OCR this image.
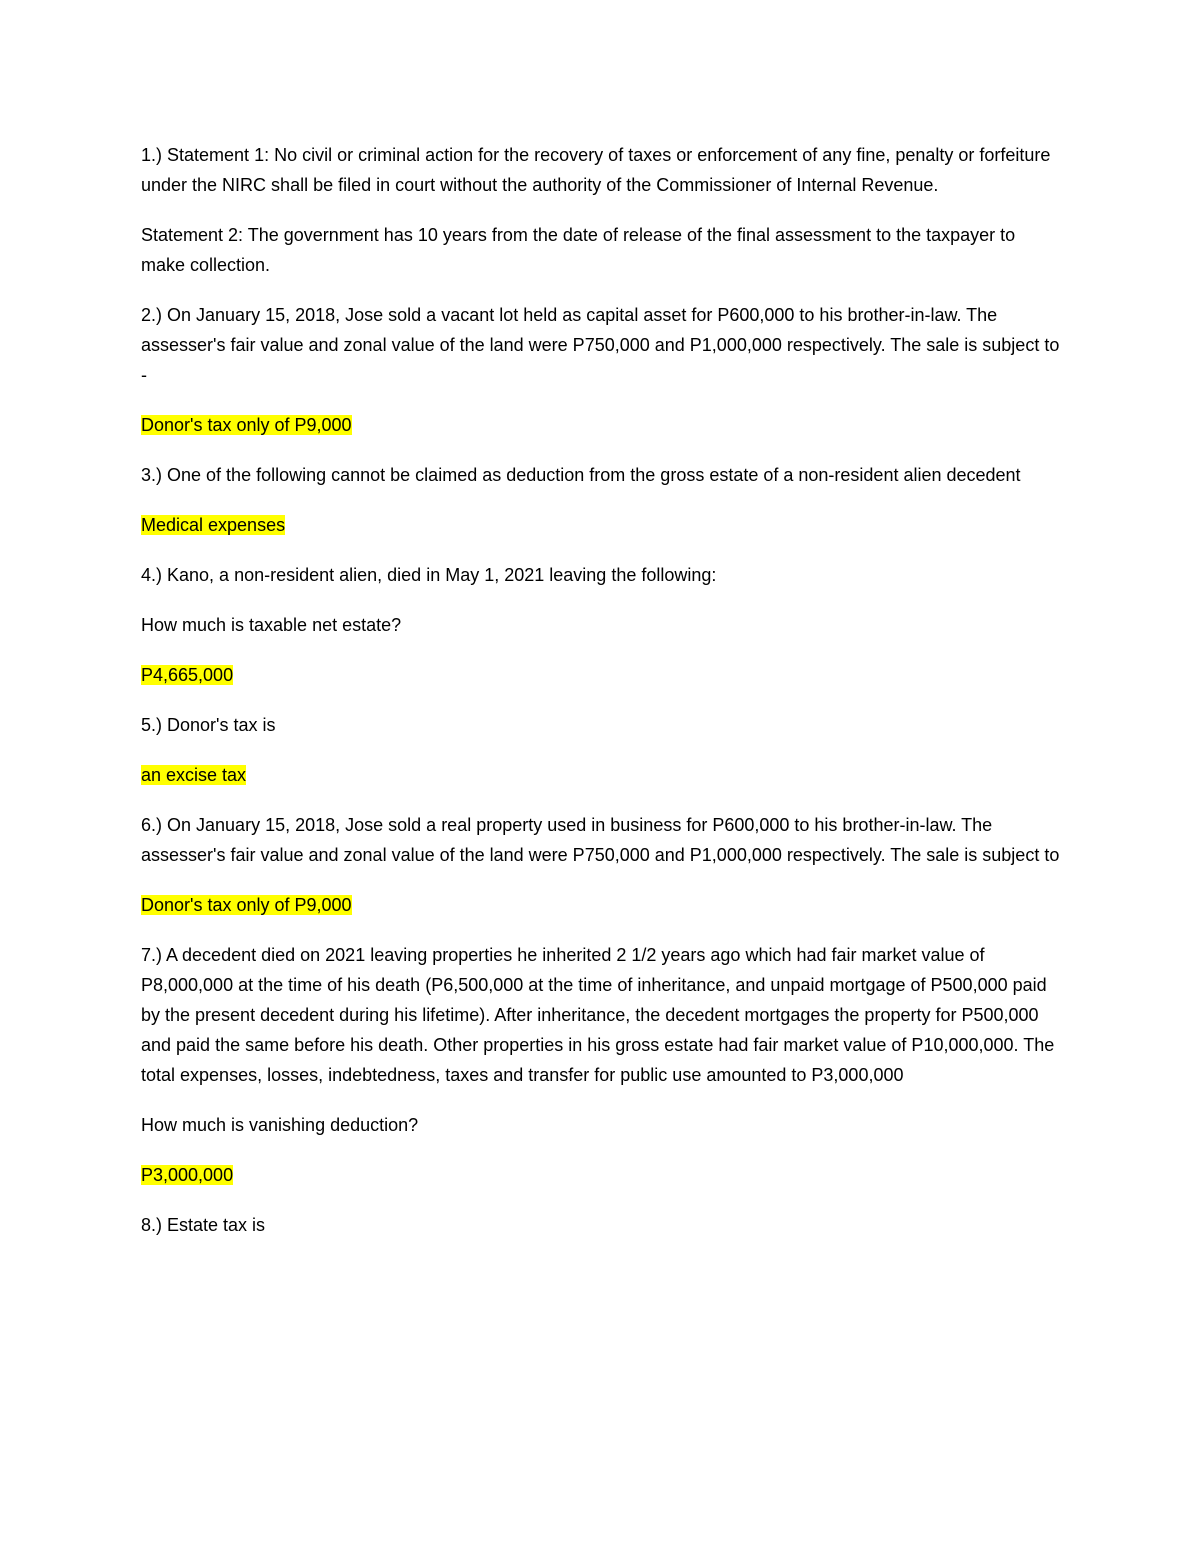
1.) Statement 1: No civil or criminal action for the recovery of taxes or enforcement of any fine, penalty or forfeiture under the NIRC shall be filed in court without the authority of the Commissioner of Internal Revenue.

Statement 2: The government has 10 years from the date of release of the final assessment to the taxpayer to make collection.

2.) On January 15, 2018, Jose sold a vacant lot held as capital asset for P600,000 to his brother-in-law. The assesser's fair value and zonal value of the land were P750,000 and P1,000,000 respectively. The sale is subject to -

Donor's tax only of P9,000

3.) One of the following cannot be claimed as deduction from the gross estate of a non-resident alien decedent

Medical expenses

4.) Kano, a non-resident alien, died in May 1, 2021 leaving the following:

How much is taxable net estate?

P4,665,000

5.) Donor's tax is

an excise tax

6.) On January 15, 2018, Jose sold a real property used in business for P600,000 to his brother-in-law. The assesser's fair value and zonal value of the land were P750,000 and P1,000,000 respectively. The sale is subject to

Donor's tax only of P9,000

7.) A decedent died on 2021 leaving properties he inherited 2 1/2 years ago which had fair market value of P8,000,000 at the time of his death (P6,500,000 at the time of inheritance, and unpaid mortgage of P500,000 paid by the present decedent during his lifetime). After inheritance, the decedent mortgages the property for P500,000 and paid the same before his death. Other properties in his gross estate had fair market value of P10,000,000. The total expenses, losses, indebtedness, taxes and transfer for public use amounted to P3,000,000

How much is vanishing deduction?

P3,000,000

8.) Estate tax is
